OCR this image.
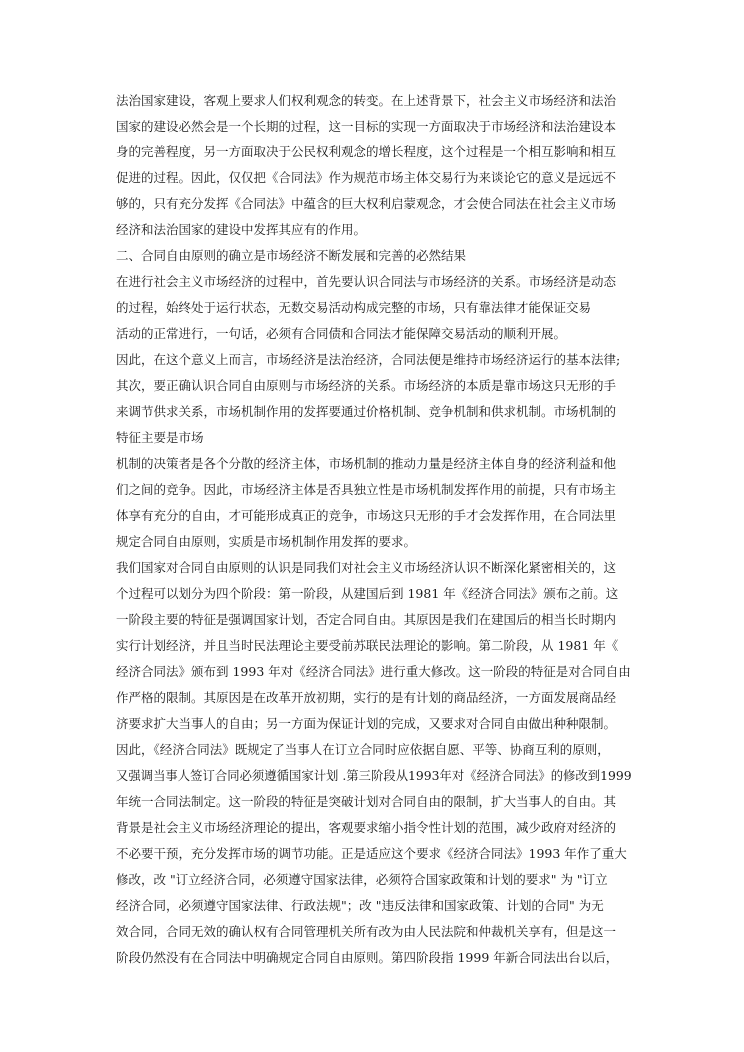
法治国家建设，客观上要求人们权利观念的转变。在上述背景下，社会主义市场经济和法治
国家的建设必然会是一个长期的过程，这一目标的实现一方面取决于市场经济和法治建设本
身的完善程度，另一方面取决于公民权利观念的增长程度，这个过程是一个相互影响和相互
促进的过程。因此，仅仅把《合同法》作为规范市场主体交易行为来谈论它的意义是远远不
够的，只有充分发挥《合同法》中蕴含的巨大权利启蒙观念，才会使合同法在社会主义市场
经济和法治国家的建设中发挥其应有的作用。
二、合同自由原则的确立是市场经济不断发展和完善的必然结果
在进行社会主义市场经济的过程中，首先要认识合同法与市场经济的关系。市场经济是动态
的过程，始终处于运行状态，无数交易活动构成完整的市场，只有靠法律才能保证交易
活动的正常进行，一句话，必须有合同债和合同法才能保障交易活动的顺利开展。
因此，在这个意义上而言，市场经济是法治经济，合同法便是维持市场经济运行的基本法律;
其次，要正确认识合同自由原则与市场经济的关系。市场经济的本质是靠市场这只无形的手
来调节供求关系，市场机制作用的发挥要通过价格机制、竞争机制和供求机制。市场机制的
特征主要是市场
机制的决策者是各个分散的经济主体，市场机制的推动力量是经济主体自身的经济利益和他
们之间的竞争。因此，市场经济主体是否具独立性是市场机制发挥作用的前提，只有市场主
体享有充分的自由，才可能形成真正的竞争，市场这只无形的手才会发挥作用，在合同法里
规定合同自由原则，实质是市场机制作用发挥的要求。
我们国家对合同自由原则的认识是同我们对社会主义市场经济认识不断深化紧密相关的，这
个过程可以划分为四个阶段：第一阶段，从建国后到 1981 年《经济合同法》颁布之前。这
一阶段主要的特征是强调国家计划，否定合同自由。其原因是我们在建国后的相当长时期内
实行计划经济，并且当时民法理论主要受前苏联民法理论的影响。第二阶段，从 1981 年《
经济合同法》颁布到 1993 年对《经济合同法》进行重大修改。这一阶段的特征是对合同自由
作严格的限制。其原因是在改革开放初期，实行的是有计划的商品经济，一方面发展商品经
济要求扩大当事人的自由；另一方面为保证计划的完成，又要求对合同自由做出种种限制。
因此，《经济合同法》既规定了当事人在订立合同时应依据自愿、平等、协商互利的原则，
又强调当事人签订合同必须遵循国家计划 .第三阶段从1993年对《经济合同法》的修改到1999
年统一合同法制定。这一阶段的特征是突破计划对合同自由的限制，扩大当事人的自由。其
背景是社会主义市场经济理论的提出，客观要求缩小指令性计划的范围，减少政府对经济的
不必要干预，充分发挥市场的调节功能。正是适应这个要求《经济合同法》1993 年作了重大
修改，改 "订立经济合同，必须遵守国家法律，必须符合国家政策和计划的要求" 为 "订立
经济合同，必须遵守国家法律、行政法规"；改 "违反法律和国家政策、计划的合同" 为无
效合同，合同无效的确认权有合同管理机关所有改为由人民法院和仲裁机关享有，但是这一
阶段仍然没有在合同法中明确规定合同自由原则。第四阶段指 1999 年新合同法出台以后，
